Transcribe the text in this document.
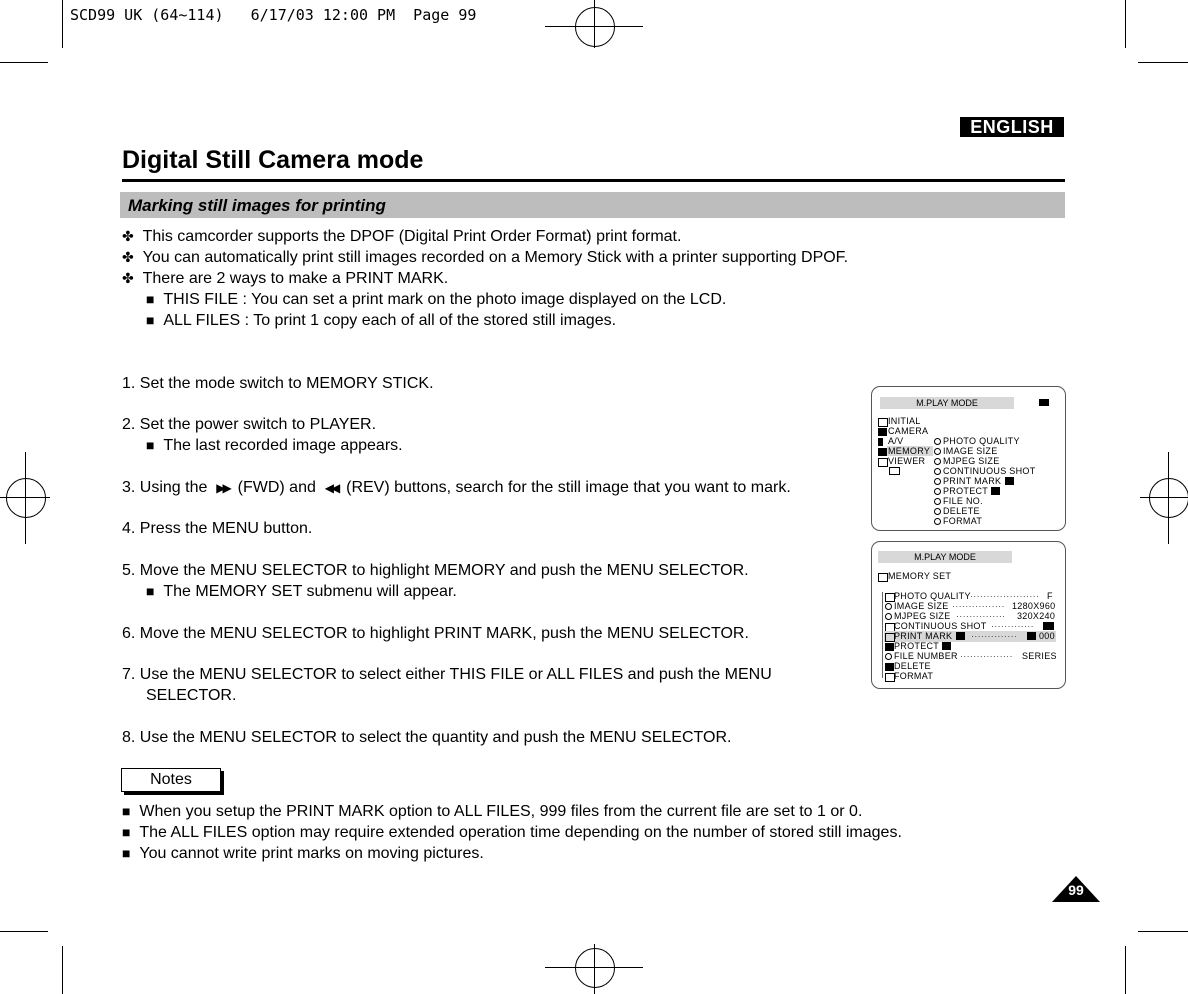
SCD99 UK (64~114)   6/17/03 12:00 PM  Page 99
ENGLISH
Digital Still Camera mode
Marking still images for printing
✤ This camcorder supports the DPOF (Digital Print Order Format) print format.
✤ You can automatically print still images recorded on a Memory Stick with a printer supporting DPOF.
✤ There are 2 ways to make a PRINT MARK.
■ THIS FILE : You can set a print mark on the photo image displayed on the LCD.
■ ALL FILES : To print 1 copy each of all of the stored still images.
1. Set the mode switch to MEMORY STICK.
2. Set the power switch to PLAYER.
■ The last recorded image appears.
3. Using the ▶▶ (FWD) and ◀◀ (REV) buttons, search for the still image that you want to mark.
4. Press the MENU button.
5. Move the MENU SELECTOR to highlight MEMORY and push the MENU SELECTOR.
■ The MEMORY SET submenu will appear.
6. Move the MENU SELECTOR to highlight PRINT MARK, push the MENU SELECTOR.
7. Use the MENU SELECTOR to select either THIS FILE or ALL FILES and push the MENU
SELECTOR.
8. Use the MENU SELECTOR to select the quantity and push the MENU SELECTOR.
Notes
■ When you setup the PRINT MARK option to ALL FILES, 999 files from the current file are set to 1 or 0.
■ The ALL FILES option may require extended operation time depending on the number of stored still images.
■ You cannot write print marks on moving pictures.
M.PLAY MODE
INITIAL
CAMERA
A/V
MEMORY
VIEWER
PHOTO QUALITY
IMAGE SIZE
MJPEG SIZE
CONTINUOUS SHOT
PRINT MARK
PROTECT
FILE NO.
DELETE
FORMAT
M.PLAY MODE
MEMORY SET
PHOTO QUALITY ····················· F
IMAGE SIZE ················ 1280X960
MJPEG SIZE ··············· 320X240
CONTINUOUS SHOT ·············
PRINT MARK ·············· 000
PROTECT
FILE NUMBER ················ SERIES
DELETE
FORMAT
99
